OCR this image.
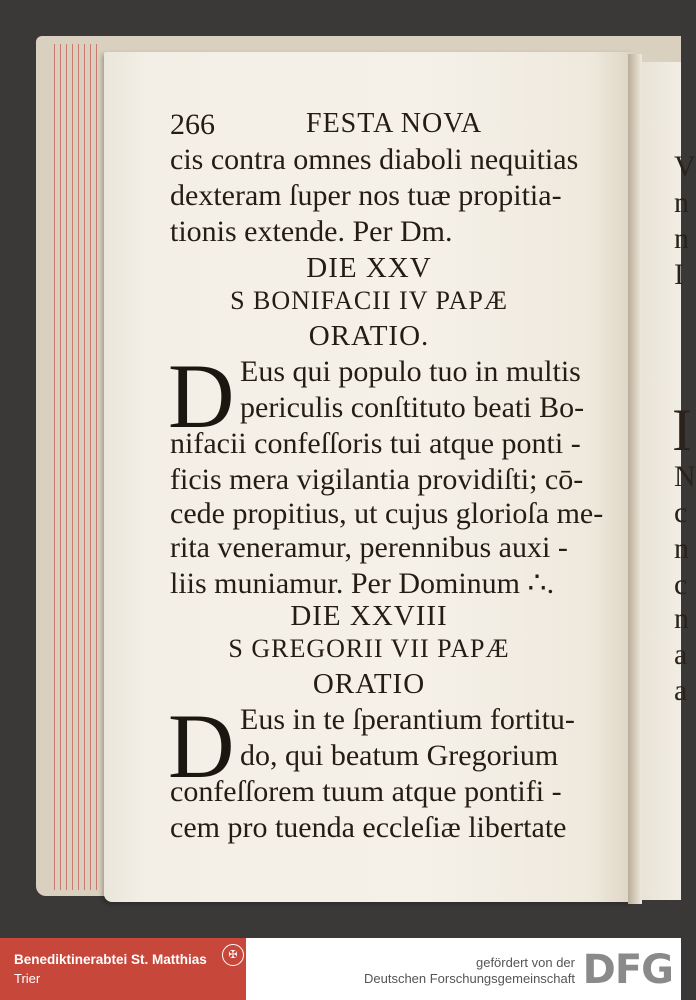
V
n
n
I
I
N
c
n
c
n
a
a
266	FESTA NOVA
cis contra omnes diaboli nequitias
dexteram ſuper nos tuæ propitia-
tionis extende. Per Dm.
DIE XXV
S BONIFACII IV PAPÆ
ORATIO.
D Eus qui populo tuo in multis
periculis conſtituto beati Bo-
nifacii confeſſoris tui atque ponti -
ficis mera vigilantia providiſti; cō-
cede propitius, ut cujus glorioſa me-
rita veneramur, perennibus auxi -
liis muniamur. Per Dominum ∴.
DIE XXVIII
S GREGORII VII PAPÆ
ORATIO
D Eus in te ſperantium fortitu-
do, qui beatum Gregorium
confeſſorem tuum atque pontifi -
cem pro tuenda eccleſiæ libertate
Benediktinerabtei St. Matthias
Trier
✠
gefördert von der
Deutschen Forschungsgemeinschaft DFG
